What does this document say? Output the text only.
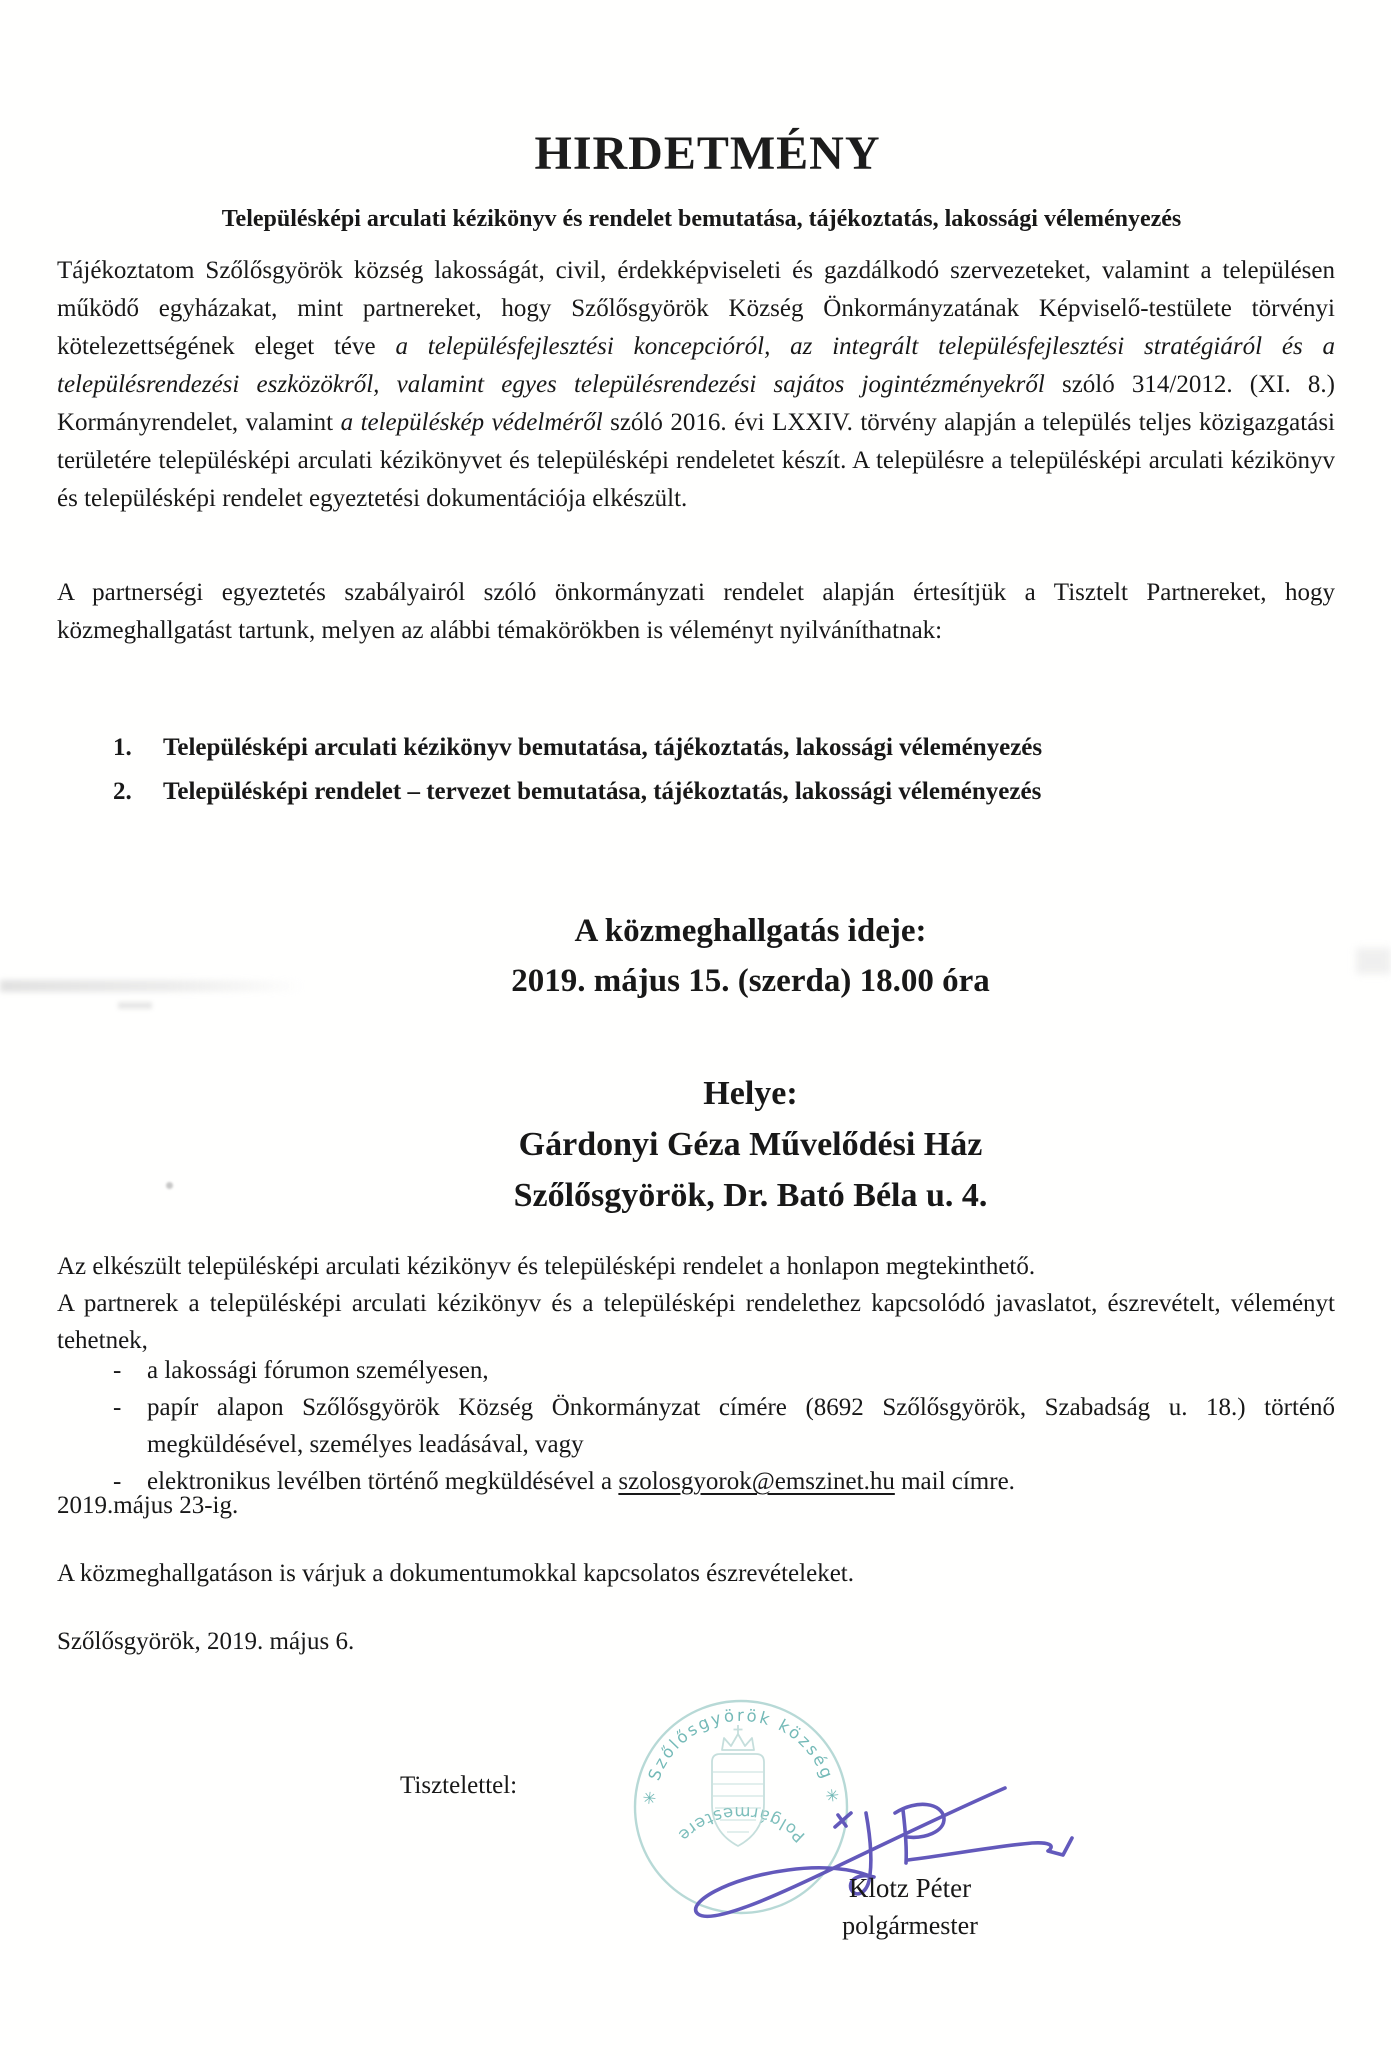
HIRDETMÉNY
Településképi arculati kézikönyv és rendelet bemutatása, tájékoztatás, lakossági véleményezés

Tájékoztatom Szőlősgyörök község lakosságát, civil, érdekképviseleti és gazdálkodó szervezeteket, valamint a településen működő egyházakat, mint partnereket, hogy Szőlősgyörök Község Önkormányzatának Képviselő-testülete törvényi kötelezettségének eleget téve a településfejlesztési koncepcióról, az integrált településfejlesztési stratégiáról és a településrendezési eszközökről, valamint egyes településrendezési sajátos jogintézményekről szóló 314/2012. (XI. 8.) Kormányrendelet, valamint a településkép védelméről szóló 2016. évi LXXIV. törvény alapján a település teljes közigazgatási területére településképi arculati kézikönyvet és településképi rendeletet készít. A településre a településképi arculati kézikönyv és településképi rendelet egyeztetési dokumentációja elkészült.

A partnerségi egyeztetés szabályairól szóló önkormányzati rendelet alapján értesítjük a Tisztelt Partnereket, hogy közmeghallgatást tartunk, melyen az alábbi témakörökben is véleményt nyilváníthatnak:

1.	Településképi arculati kézikönyv bemutatása, tájékoztatás, lakossági véleményezés
2.	Településképi rendelet – tervezet bemutatása, tájékoztatás, lakossági véleményezés
A közmeghallgatás ideje:
2019. május 15. (szerda) 18.00 óra
Helye:
Gárdonyi Géza Művelődési Ház
Szőlősgyörök, Dr. Bató Béla u. 4.

Az elkészült településképi arculati kézikönyv és településképi rendelet a honlapon megtekinthető.

A partnerek a településképi arculati kézikönyv és a településképi rendelethez kapcsolódó javaslatot, észrevételt, véleményt tehetnek,

-	a lakossági fórumon személyesen,
-	papír alapon Szőlősgyörök Község Önkormányzat címére (8692 Szőlősgyörök, Szabadság u. 18.) történő megküldésével, személyes leadásával, vagy
-	elektronikus levélben történő megküldésével a szolosgyorok@emszinet.hu mail címre.

2019.május 23-ig.

A közmeghallgatáson is várjuk a dokumentumokkal kapcsolatos észrevételeket.

Szőlősgyörök, 2019. május 6.

Tisztelettel:	✳ Szőlősgyörök község ✳
Polgármestere
Klotz Péter
polgármester
